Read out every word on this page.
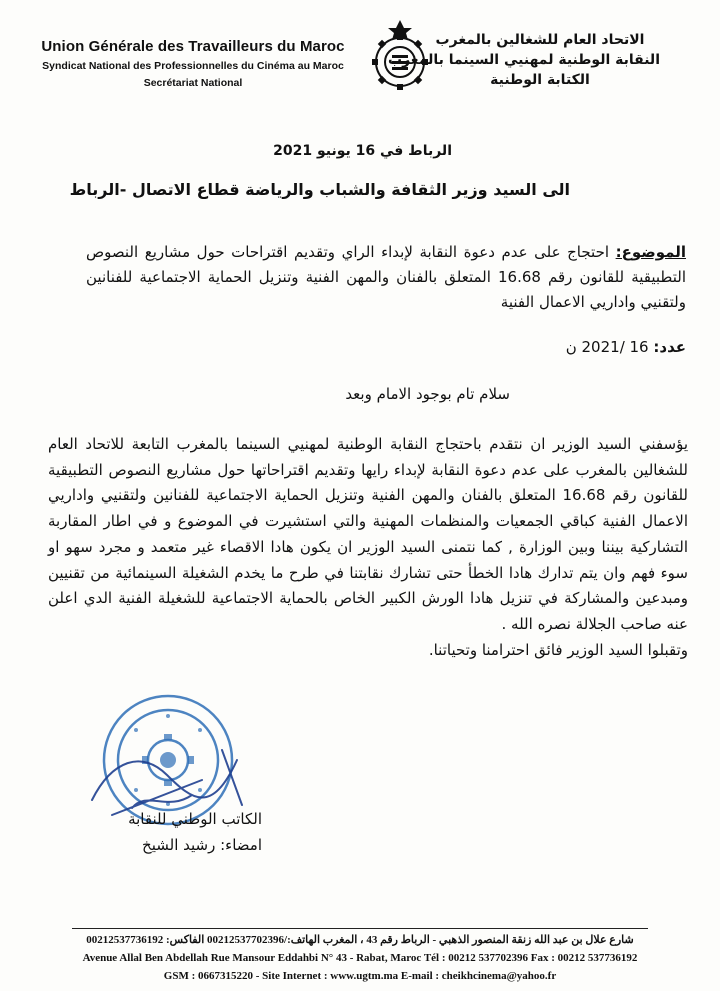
Union Générale des Travailleurs du Maroc
Syndicat National des Professionnelles du Cinéma au Maroc
Secrétariat National
الاتحاد العام للشغالين بالمغرب
النقابة الوطنية لمهنيي السينما بالمغرب
الكتابة الوطنية
الرباط في 16 يونيو 2021
الى السيد وزير الثقافة والشباب والرياضة قطاع الاتصال -الرباط
الموضوع: احتجاج على عدم دعوة النقابة لإبداء الراي وتقديم اقتراحات حول مشاريع النصوص التطبيقية للقانون رقم 16.68 المتعلق بالفنان والمهن الفنية وتنزيل الحماية الاجتماعية للفنانين ولتقنيي واداريي الاعمال الفنية
عدد: 16 /2021 ن
سلام تام بوجود الامام وبعد

يؤسفني السيد الوزير ان نتقدم باحتجاج النقابة الوطنية لمهنيي السينما بالمغرب التابعة للاتحاد العام للشغالين بالمغرب على عدم دعوة النقابة لإبداء رايها وتقديم اقتراحاتها حول مشاريع النصوص التطبيقية للقانون رقم 16.68 المتعلق بالفنان والمهن الفنية وتنزيل الحماية الاجتماعية للفنانين ولتقنيي واداريي الاعمال الفنية كباقي الجمعيات والمنظمات المهنية والتي استشيرت في الموضوع و في اطار المقاربة التشاركية بيننا وبين الوزارة , كما نتمنى السيد الوزير ان يكون هادا الاقصاء غير متعمد و مجرد سهو او سوء فهم وان يتم تدارك هادا الخطأ حتى تشارك نقابتنا في طرح ما يخدم الشغيلة السينمائية من تقنيين ومبدعين والمشاركة في تنزيل هادا الورش الكبير الخاص بالحماية الاجتماعية للشغيلة الفنية الدي اعلن عنه صاحب الجلالة نصره الله .

وتقبلوا السيد الوزير فائق احترامنا وتحياتنا.

الكاتب الوطني للنقابة
امضاء: رشيد الشيخ
شارع علال بن عبد الله زنقة المنصور الذهبي - الرباط رقم 43 ، المغرب الهاتف:/00212537702396 الفاكس: 00212537736192
Avenue Allal Ben Abdellah Rue Mansour Eddahbi N° 43 - Rabat, Maroc Tél : 00212 537702396 Fax : 00212 537736192
GSM : 0667315220 - Site Internet : www.ugtm.ma E-mail : cheikhcinema@yahoo.fr
